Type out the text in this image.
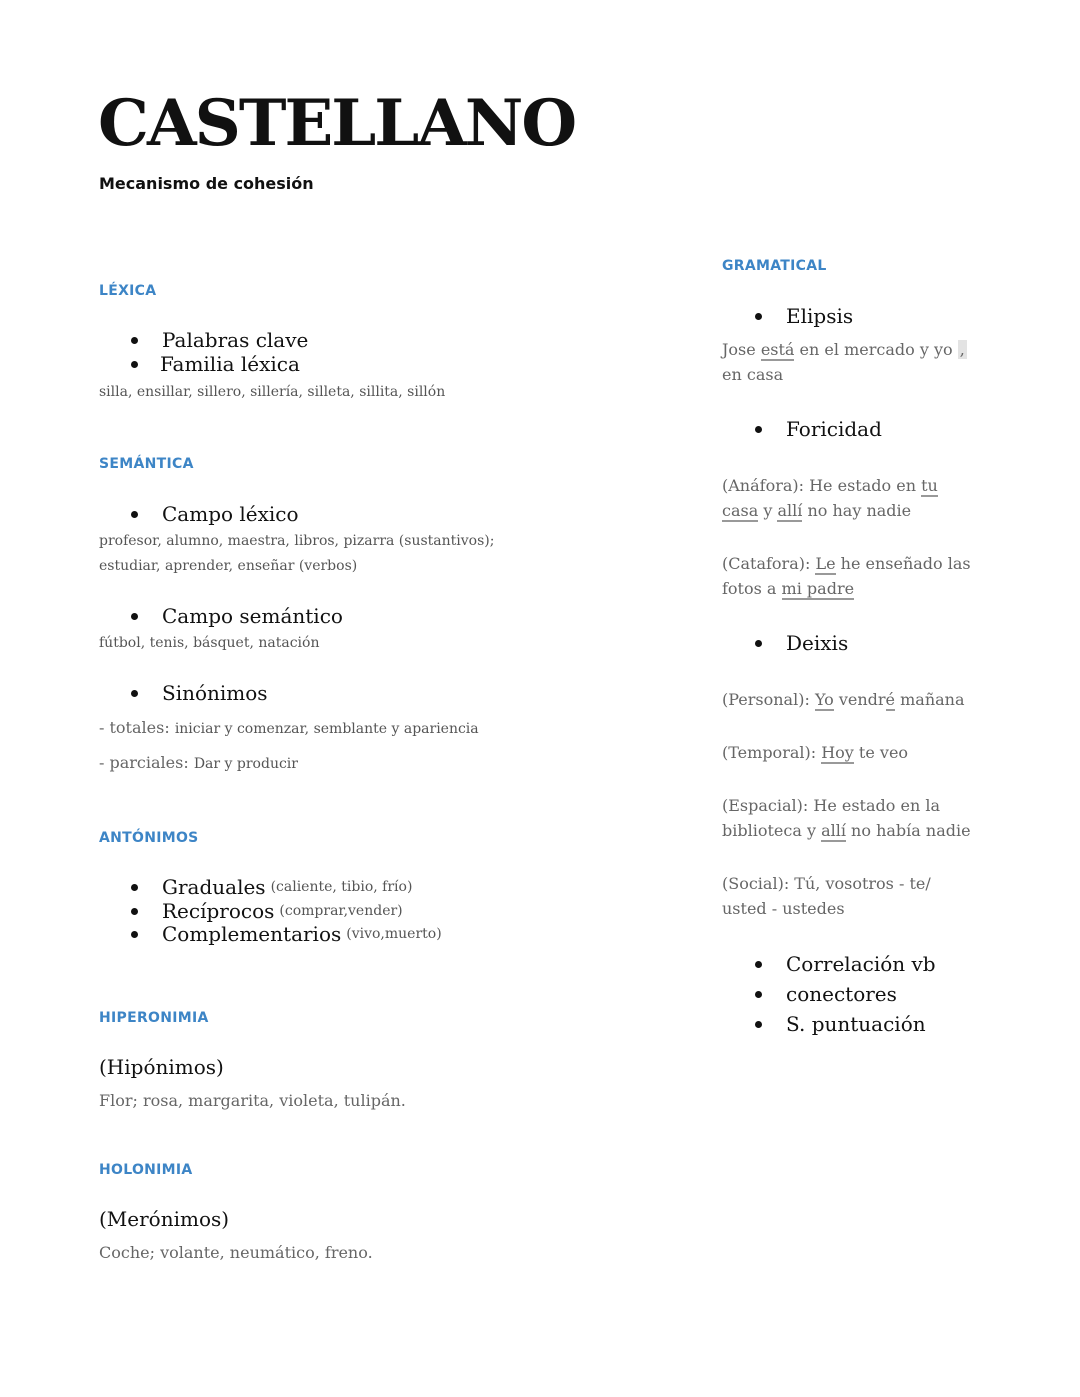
CASTELLANO
Mecanismo de cohesión
LÉXICA
Palabras clave
Familia léxica
silla, ensillar, sillero, sillería, silleta, sillita, sillón
SEMÁNTICA
Campo léxico
profesor, alumno, maestra, libros, pizarra (sustantivos);
estudiar, aprender, enseñar (verbos)
Campo semántico
fútbol, tenis, básquet, natación
Sinónimos
- totales: iniciar y comenzar, semblante y apariencia
- parciales: Dar y producir
ANTÓNIMOS
Graduales (caliente, tibio, frío)
Recíprocos (comprar,vender)
Complementarios (vivo,muerto)
HIPERONIMIA
(Hipónimos)
Flor; rosa, margarita, violeta, tulipán.
HOLONIMIA
(Merónimos)
Coche; volante, neumático, freno.
GRAMATICAL
Elipsis
Jose está en el mercado y yo ,
en casa
Foricidad
(Anáfora): He estado en tu
casa y allí no hay nadie
(Catafora): Le he enseñado las
fotos a mi padre
Deixis
(Personal): Yo vendré mañana
(Temporal): Hoy te veo
(Espacial): He estado en la
biblioteca y allí no había nadie
(Social): Tú, vosotros - te/
usted - ustedes
Correlación vb
conectores
S. puntuación
